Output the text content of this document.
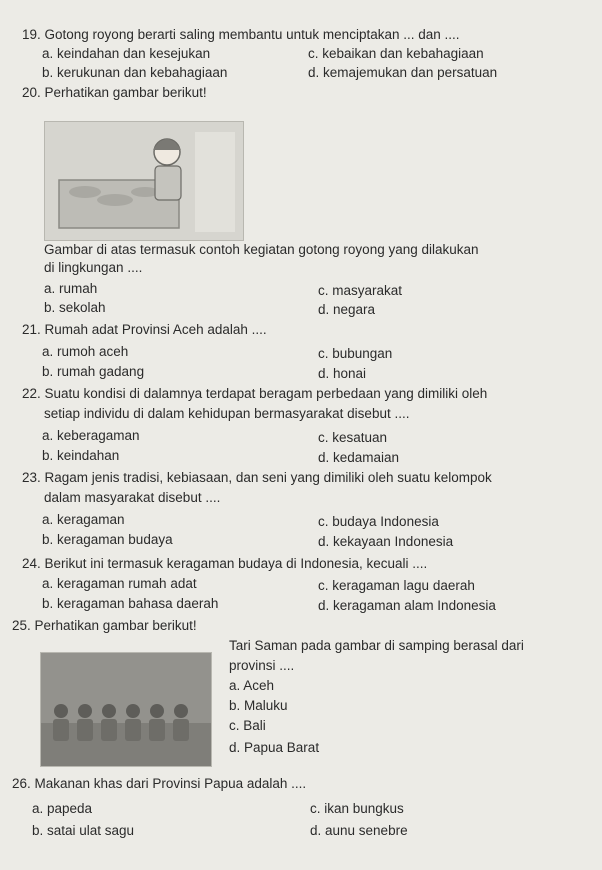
19. Gotong royong berarti saling membantu untuk menciptakan ... dan ....
a. keindahan dan kesejukan
b. kerukunan dan kebahagiaan
c. kebaikan dan kebahagiaan
d. kemajemukan dan persatuan
20. Perhatikan gambar berikut!
Gambar di atas termasuk contoh kegiatan gotong royong yang dilakukan
di lingkungan ....
a. rumah
b. sekolah
c. masyarakat
d. negara
21. Rumah adat Provinsi Aceh adalah ....
a. rumoh aceh
b. rumah gadang
c. bubungan
d. honai
22. Suatu kondisi di dalamnya terdapat beragam perbedaan yang dimiliki oleh
setiap individu di dalam kehidupan bermasyarakat disebut ....
a. keberagaman
b. keindahan
c. kesatuan
d. kedamaian
23. Ragam jenis tradisi, kebiasaan, dan seni yang dimiliki oleh suatu kelompok
dalam masyarakat disebut ....
a. keragaman
b. keragaman budaya
c. budaya Indonesia
d. kekayaan Indonesia
24. Berikut ini termasuk keragaman budaya di Indonesia, kecuali ....
a. keragaman rumah adat
b. keragaman bahasa daerah
c. keragaman lagu daerah
d. keragaman alam Indonesia
25. Perhatikan gambar berikut!
Tari Saman pada gambar di samping berasal dari
provinsi ....
a. Aceh
b. Maluku
c. Bali
d. Papua Barat
26. Makanan khas dari Provinsi Papua adalah ....
a. papeda
b. satai ulat sagu
c. ikan bungkus
d. aunu senebre
